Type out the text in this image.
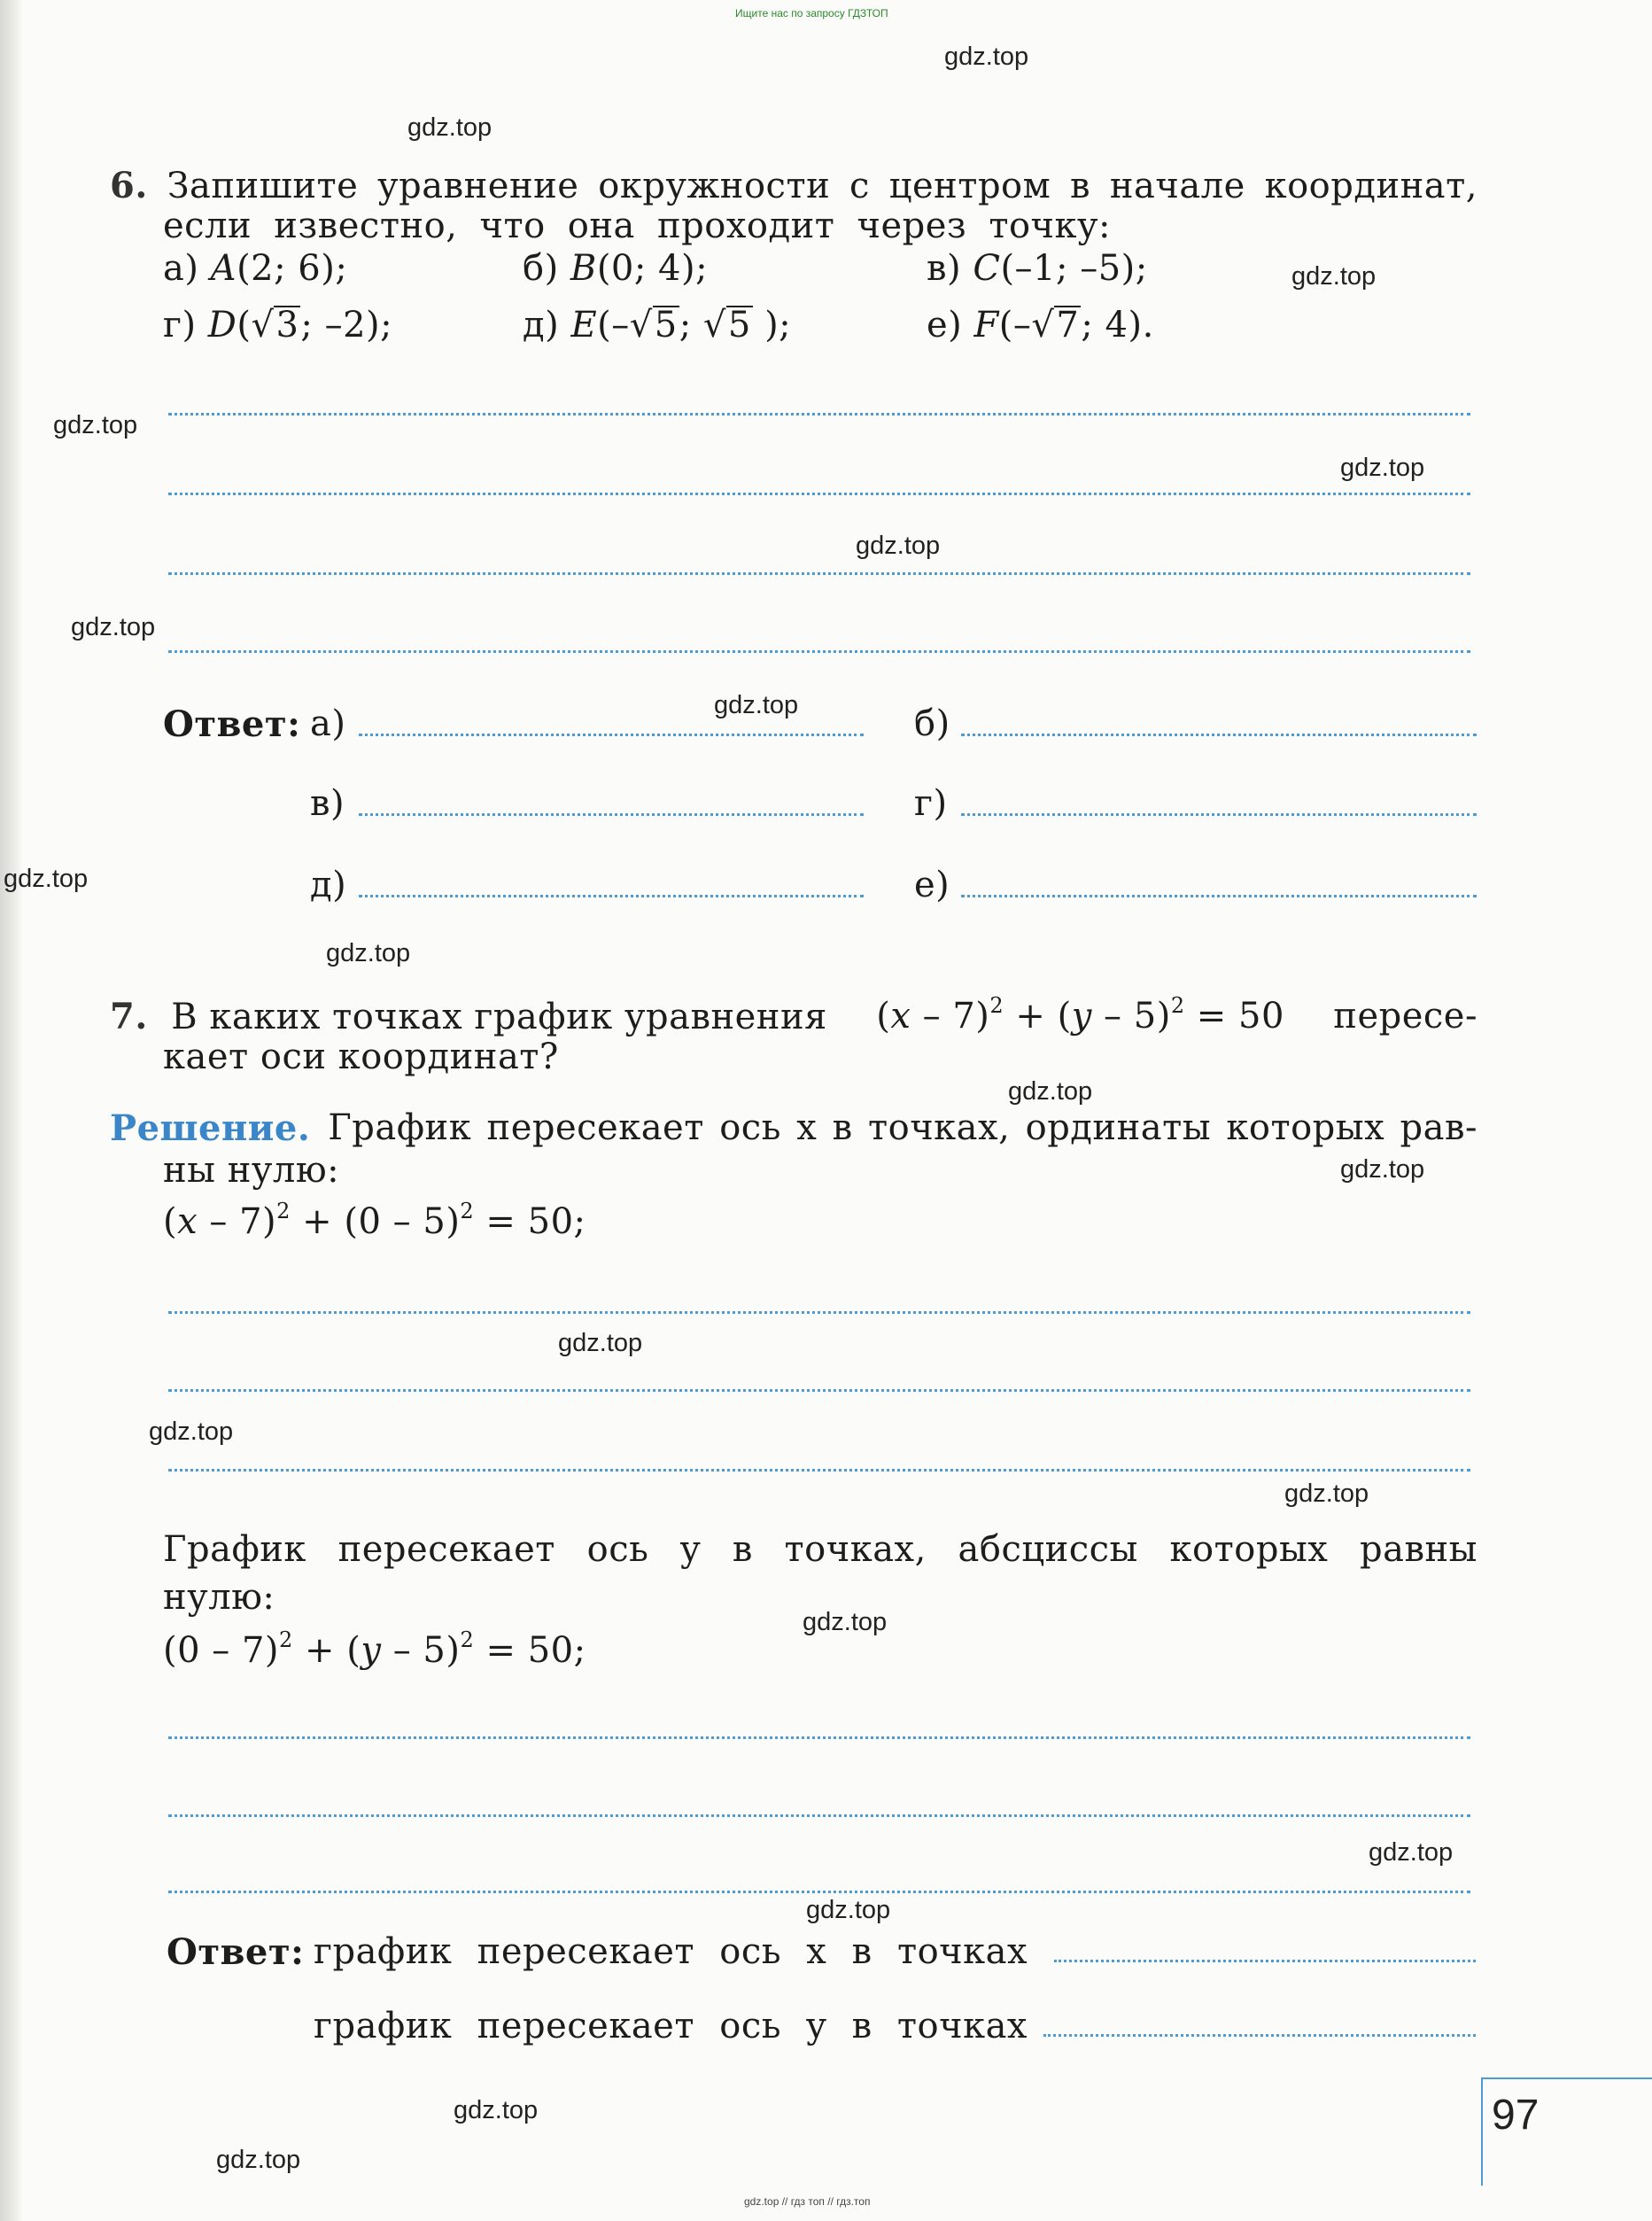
Ищите нас по запросу ГДЗТОП
gdz.top // гдз топ // гдз.топ
gdz.top
gdz.top
gdz.top
gdz.top
gdz.top
gdz.top
gdz.top
gdz.top
gdz.top
gdz.top
gdz.top
gdz.top
gdz.top
gdz.top
gdz.top
gdz.top
gdz.top
gdz.top
gdz.top
gdz.top
6. Запишите уравнение окружности с центром в начале координат,
если известно, что она проходит через точку:
а) A(2; 6);	б) B(0; 4);	в) C(–1; –5);
г) D(√3; –2);	д) E(–√5; √5 );	е) F(–√7; 4).
Ответ: а)	б)
в)	г)
д)	е)
7. В каких точках график уравнения (x – 7)$^2$ + (y – 5)$^2$ = 50 пересе-
кает оси координат?
Решение. График пересекает ось x в точках, ординаты которых рав-
ны нулю:
(x – 7)$^2$ + (0 – 5)$^2$ = 50;
График пересекает ось y в точках, абсциссы которых равны
нулю:
(0 – 7)$^2$ + (y – 5)$^2$ = 50;
Ответ: график пересекает ось x в точках
график пересекает ось y в точках
97
